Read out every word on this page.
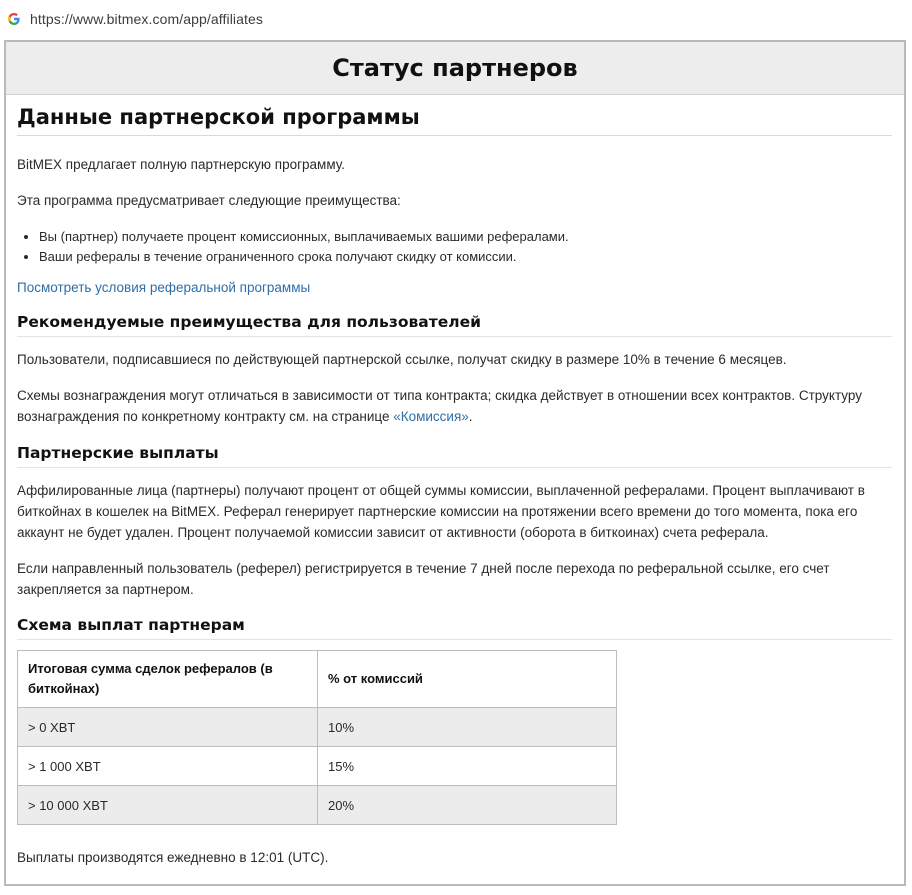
https://www.bitmex.com/app/affiliates
Статус партнеров
Данные партнерской программы

BitMEX предлагает полную партнерскую программу.

Эта программа предусматривает следующие преимущества:

• Вы (партнер) получаете процент комиссионных, выплачиваемых вашими рефералами.
• Ваши рефералы в течение ограниченного срока получают скидку от комиссии.

Посмотреть условия реферальной программы

Рекомендуемые преимущества для пользователей

Пользователи, подписавшиеся по действующей партнерской ссылке, получат скидку в размере 10% в течение 6 месяцев.

Схемы вознаграждения могут отличаться в зависимости от типа контракта; скидка действует в отношении всех контрактов. Структуру вознаграждения по конкретному контракту см. на странице «Комиссия».

Партнерские выплаты

Аффилированные лица (партнеры) получают процент от общей суммы комиссии, выплаченной рефералами. Процент выплачивают в биткойнах в кошелек на BitMEX. Реферал генерирует партнерские комиссии на протяжении всего времени до того момента, пока его аккаунт не будет удален. Процент получаемой комиссии зависит от активности (оборота в биткоинах) счета реферала.

Если направленный пользователь (реферел) регистрируется в течение 7 дней после перехода по реферальной ссылке, его счет закрепляется за партнером.

Схема выплат партнерам
Итоговая сумма сделок рефералов (в биткойнах)	% от комиссий
> 0 XBT	10%
> 1 000 XBT	15%
> 10 000 XBT	20%

Выплаты производятся ежедневно в 12:01 (UTC).
